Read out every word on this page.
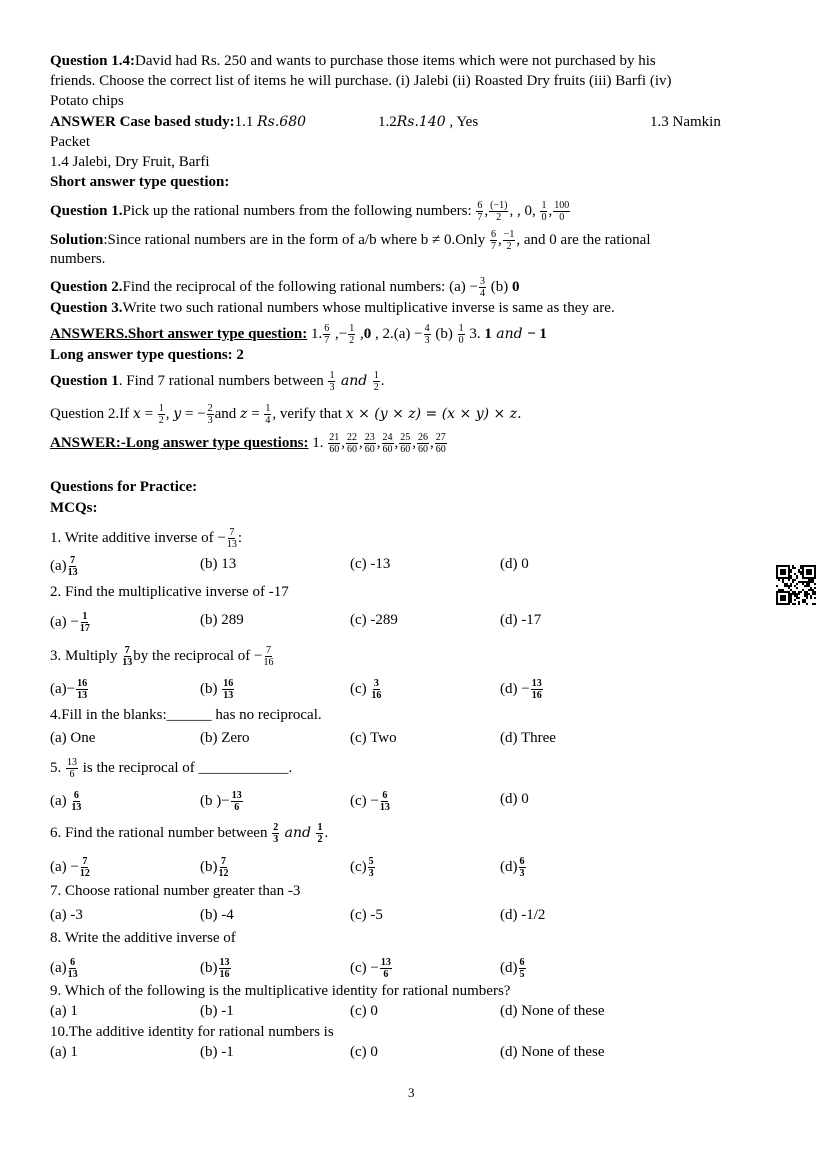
Question 1.4:David had Rs. 250 and wants to purchase those items which were not purchased by his
friends. Choose the correct list of items he will purchase. (i) Jalebi (ii) Roasted Dry fruits (iii) Barfi (iv)
Potato chips
ANSWER Case based study:1.1 Rs.680	1.2Rs.140 , Yes	1.3 Namkin
Packet
1.4 Jalebi, Dry Fruit, Barfi
Short answer type question:
Question 1.Pick up the rational numbers from the following numbers: $\frac{6}{7}$ , $\frac{(-1)}{2}$ , , 0, $\frac{1}{0}$ , $\frac{100}{0}$
Solution:Since rational numbers are in the form of a/b where b ≠ 0.Only $\frac{6}{7}$ , $\frac{-1}{2}$ , and 0 are the rational
numbers.
Question 2.Find the reciprocal of the following rational numbers: $(a) - \frac{3}{4} (b)$ 0
Question 3.Write two such rational numbers whose multiplicative inverse is same as they are.
ANSWERS.Short answer type question: 1. $\frac{6}{7}$ ,− $\frac{1}{2} ,0$ , $2.(a) - \frac{4}{3} (b) \frac{1}{0} 3$. 1 and − 1
Long answer type questions: 2
Question 1. Find 7 rational numbers between $\frac{1}{3}$ and $\frac{1}{2}$ .
Question 2.If $x = \frac{1}{2}$ , y = − $\frac{2}{3}$ and $z = \frac{1}{4}$ , verify that x × (y × z) = (x × y) × z.
ANSWER:-Long answer type questions: 1. $\frac{21}{60}$ , $\frac{22}{60}$ , $\frac{23}{60}$ , $\frac{24}{60}$ , $\frac{25}{60}$ , $\frac{26}{60}$ , $\frac{27}{60}$
Questions for Practice:
MCQs:
1. Write additive inverse of − $\frac{7}{13}$ :
$(a) \frac{7}{13}$	(b) 13	(c) -13	(d) 0
2. Find the multiplicative inverse of -17
$(a) - \frac{1}{17}$	(b) 289	(c) -289	(d) -17
3. Multiply $\frac{7}{13}$ by the reciprocal of − $\frac{7}{16}$
$(a)- \frac{16}{13}$	$(b) \frac{16}{13}$	$(c) \frac{3}{16}$	$(d) - \frac{13}{16}$
4.Fill in the blanks:______ has no reciprocal.
(a) One	(b) Zero	(c) Two	(d) Three
5. $\frac{13}{6}$ is the reciprocal of ____________.
$(a) \frac{6}{13}$	(b )− $\frac{13}{6}$	$(c) - \frac{6}{13}$	(d) 0
6. Find the rational number between $\frac{2}{3}$ and $\frac{1}{2}$ .
$(a) - \frac{7}{12}$	$(b) \frac{7}{12}$	$(c) \frac{5}{3}$	$(d) \frac{6}{3}$
7. Choose rational number greater than -3
(a) -3	(b) -4	(c) -5	(d) -1/2
8. Write the additive inverse of
$(a) \frac{6}{13}$	$(b) \frac{13}{16}$	$(c) - \frac{13}{6}$	$(d) \frac{6}{5}$
9. Which of the following is the multiplicative identity for rational numbers?
(a) 1	(b) -1	(c) 0	(d) None of these
10.The additive identity for rational numbers is
(a) 1	(b) -1	(c) 0	(d) None of these
3
